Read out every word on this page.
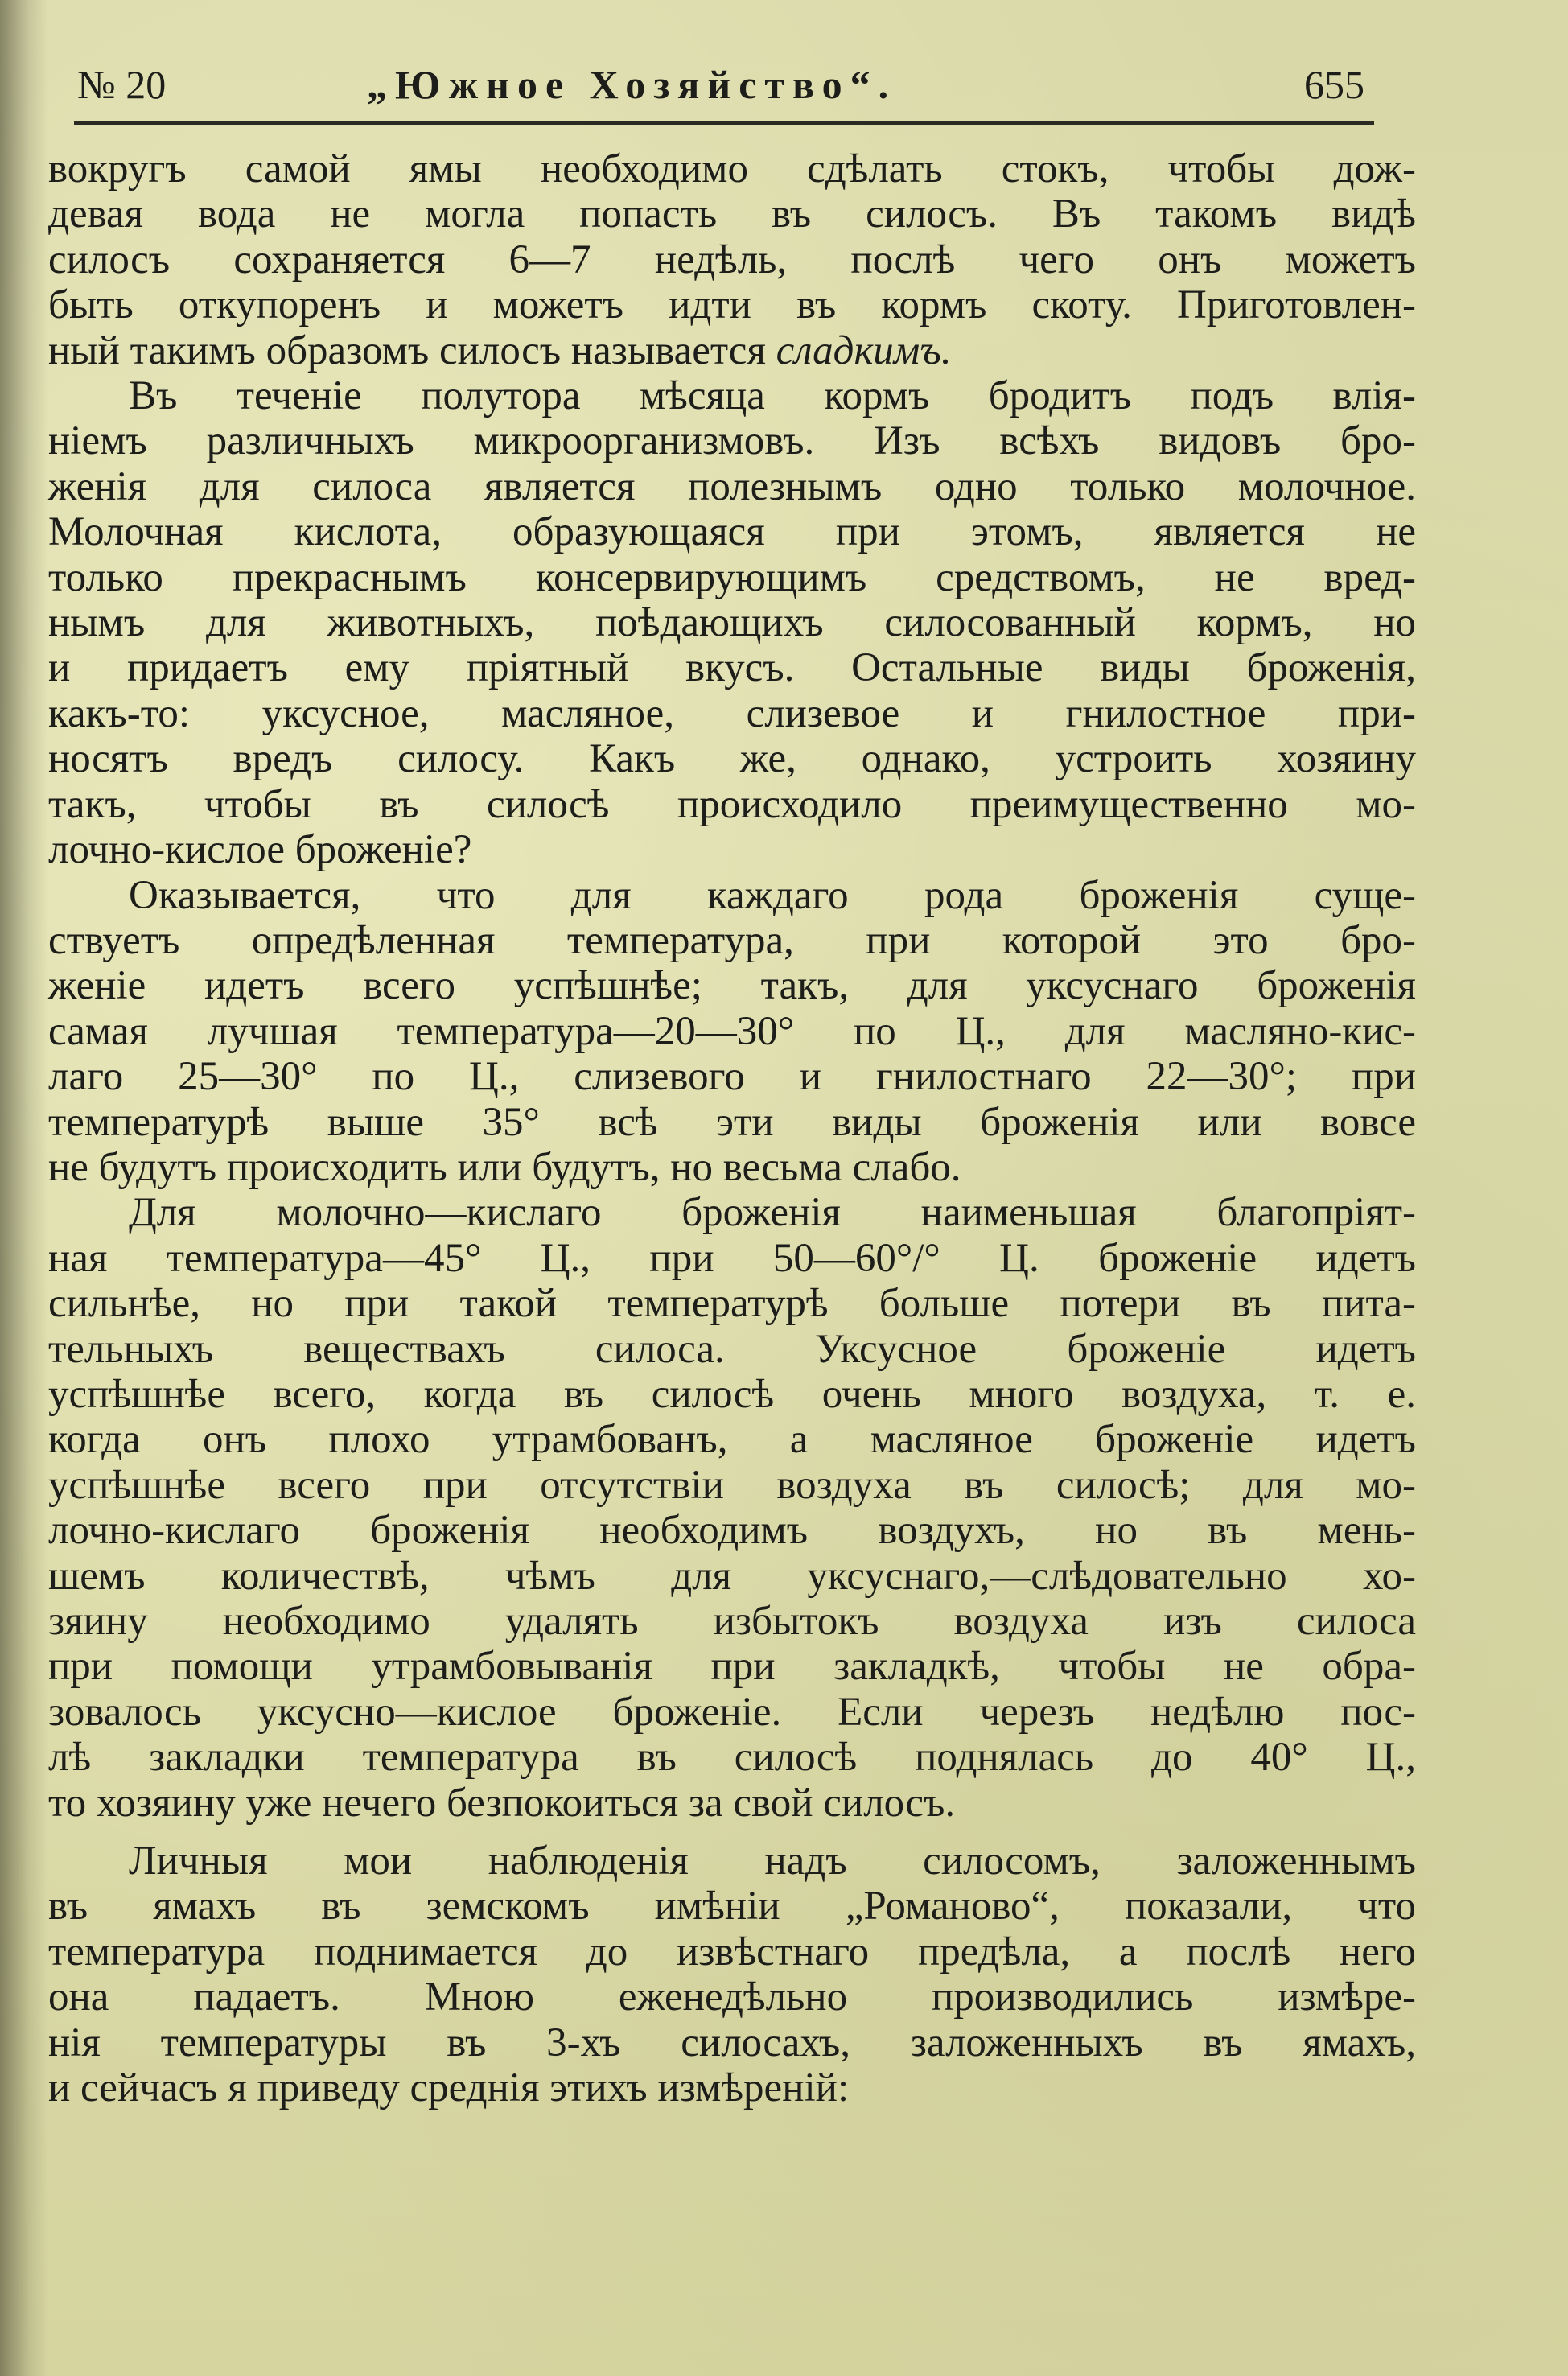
№ 20	„Южное Хозяйство“.	655
вокругъ самой ямы необходимо сдѣлать стокъ, чтобы дож-
девая вода не могла попасть въ силосъ. Въ такомъ видѣ
силосъ сохраняется 6—7 недѣль, послѣ чего онъ можетъ
быть откупоренъ и можетъ идти въ кормъ скоту. Приготовлен-
ный такимъ образомъ силосъ называется сладкимъ.
Въ теченіе полутора мѣсяца кормъ бродитъ подъ влія-
ніемъ различныхъ микроорганизмовъ. Изъ всѣхъ видовъ бро-
женія для силоса является полезнымъ одно только молочное.
Молочная кислота, образующаяся при этомъ, является не
только прекраснымъ консервирующимъ средствомъ, не вред-
нымъ для животныхъ, поѣдающихъ силосованный кормъ, но
и придаетъ ему пріятный вкусъ. Остальные виды броженія,
какъ-то: уксусное, масляное, слизевое и гнилостное при-
носятъ вредъ силосу. Какъ же, однако, устроить хозяину
такъ, чтобы въ силосѣ происходило преимущественно мо-
лочно-кислое броженіе?
Оказывается, что для каждаго рода броженія суще-
ствуетъ опредѣленная температура, при которой это бро-
женіе идетъ всего успѣшнѣе; такъ, для уксуснаго броженія
самая лучшая температура—20—30° по Ц., для масляно-кис-
лаго 25—30° по Ц., слизевого и гнилостнаго 22—30°; при
температурѣ выше 35° всѣ эти виды броженія или вовсе
не будутъ происходить или будутъ, но весьма слабо.
Для молочно—кислаго броженія наименьшая благопріят-
ная температура—45° Ц., при 50—60°/° Ц. броженіе идетъ
сильнѣе, но при такой температурѣ больше потери въ пита-
тельныхъ веществахъ силоса. Уксусное броженіе идетъ
успѣшнѣе всего, когда въ силосѣ очень много воздуха, т. е.
когда онъ плохо утрамбованъ, а масляное броженіе идетъ
успѣшнѣе всего при отсутствіи воздуха въ силосѣ; для мо-
лочно-кислаго броженія необходимъ воздухъ, но въ мень-
шемъ количествѣ, чѣмъ для уксуснаго,—слѣдовательно хо-
зяину необходимо удалять избытокъ воздуха изъ силоса
при помощи утрамбовыванія при закладкѣ, чтобы не обра-
зовалось уксусно—кислое броженіе. Если черезъ недѣлю пос-
лѣ закладки температура въ силосѣ поднялась до 40° Ц.,
то хозяину уже нечего безпокоиться за свой силосъ.
Личныя мои наблюденія надъ силосомъ, заложеннымъ
въ ямахъ въ земскомъ имѣніи „Романово“, показали, что
температура поднимается до извѣстнаго предѣла, а послѣ него
она падаетъ. Мною еженедѣльно производились измѣре-
нія температуры въ 3-хъ силосахъ, заложенныхъ въ ямахъ,
и сейчасъ я приведу среднія этихъ измѣреній:
